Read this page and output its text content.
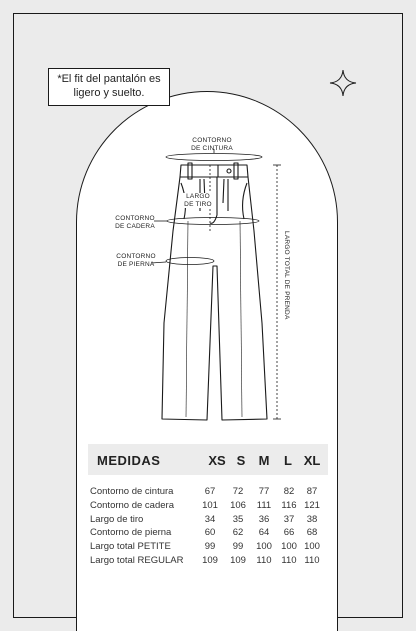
*El fit del pantalón es
ligero y suelto.
CONTORNO
DE CINTURA
LARGO
DE TIRO
CONTORNO
DE CADERA
CONTORNO
DE PIERNA	LARGO TOTAL DE PRENDA
MEDIDAS	XS S	M	L XL
Contorno de cintura	67	72	77	82	87
Contorno de cadera	101	106	111	116 121
Largo de tiro	34	35	36	37	38
Contorno de pierna	60	62	64	66	68
Largo total PETITE	99	99	100 100 100
Largo total REGULAR	109	109	110	110 110
